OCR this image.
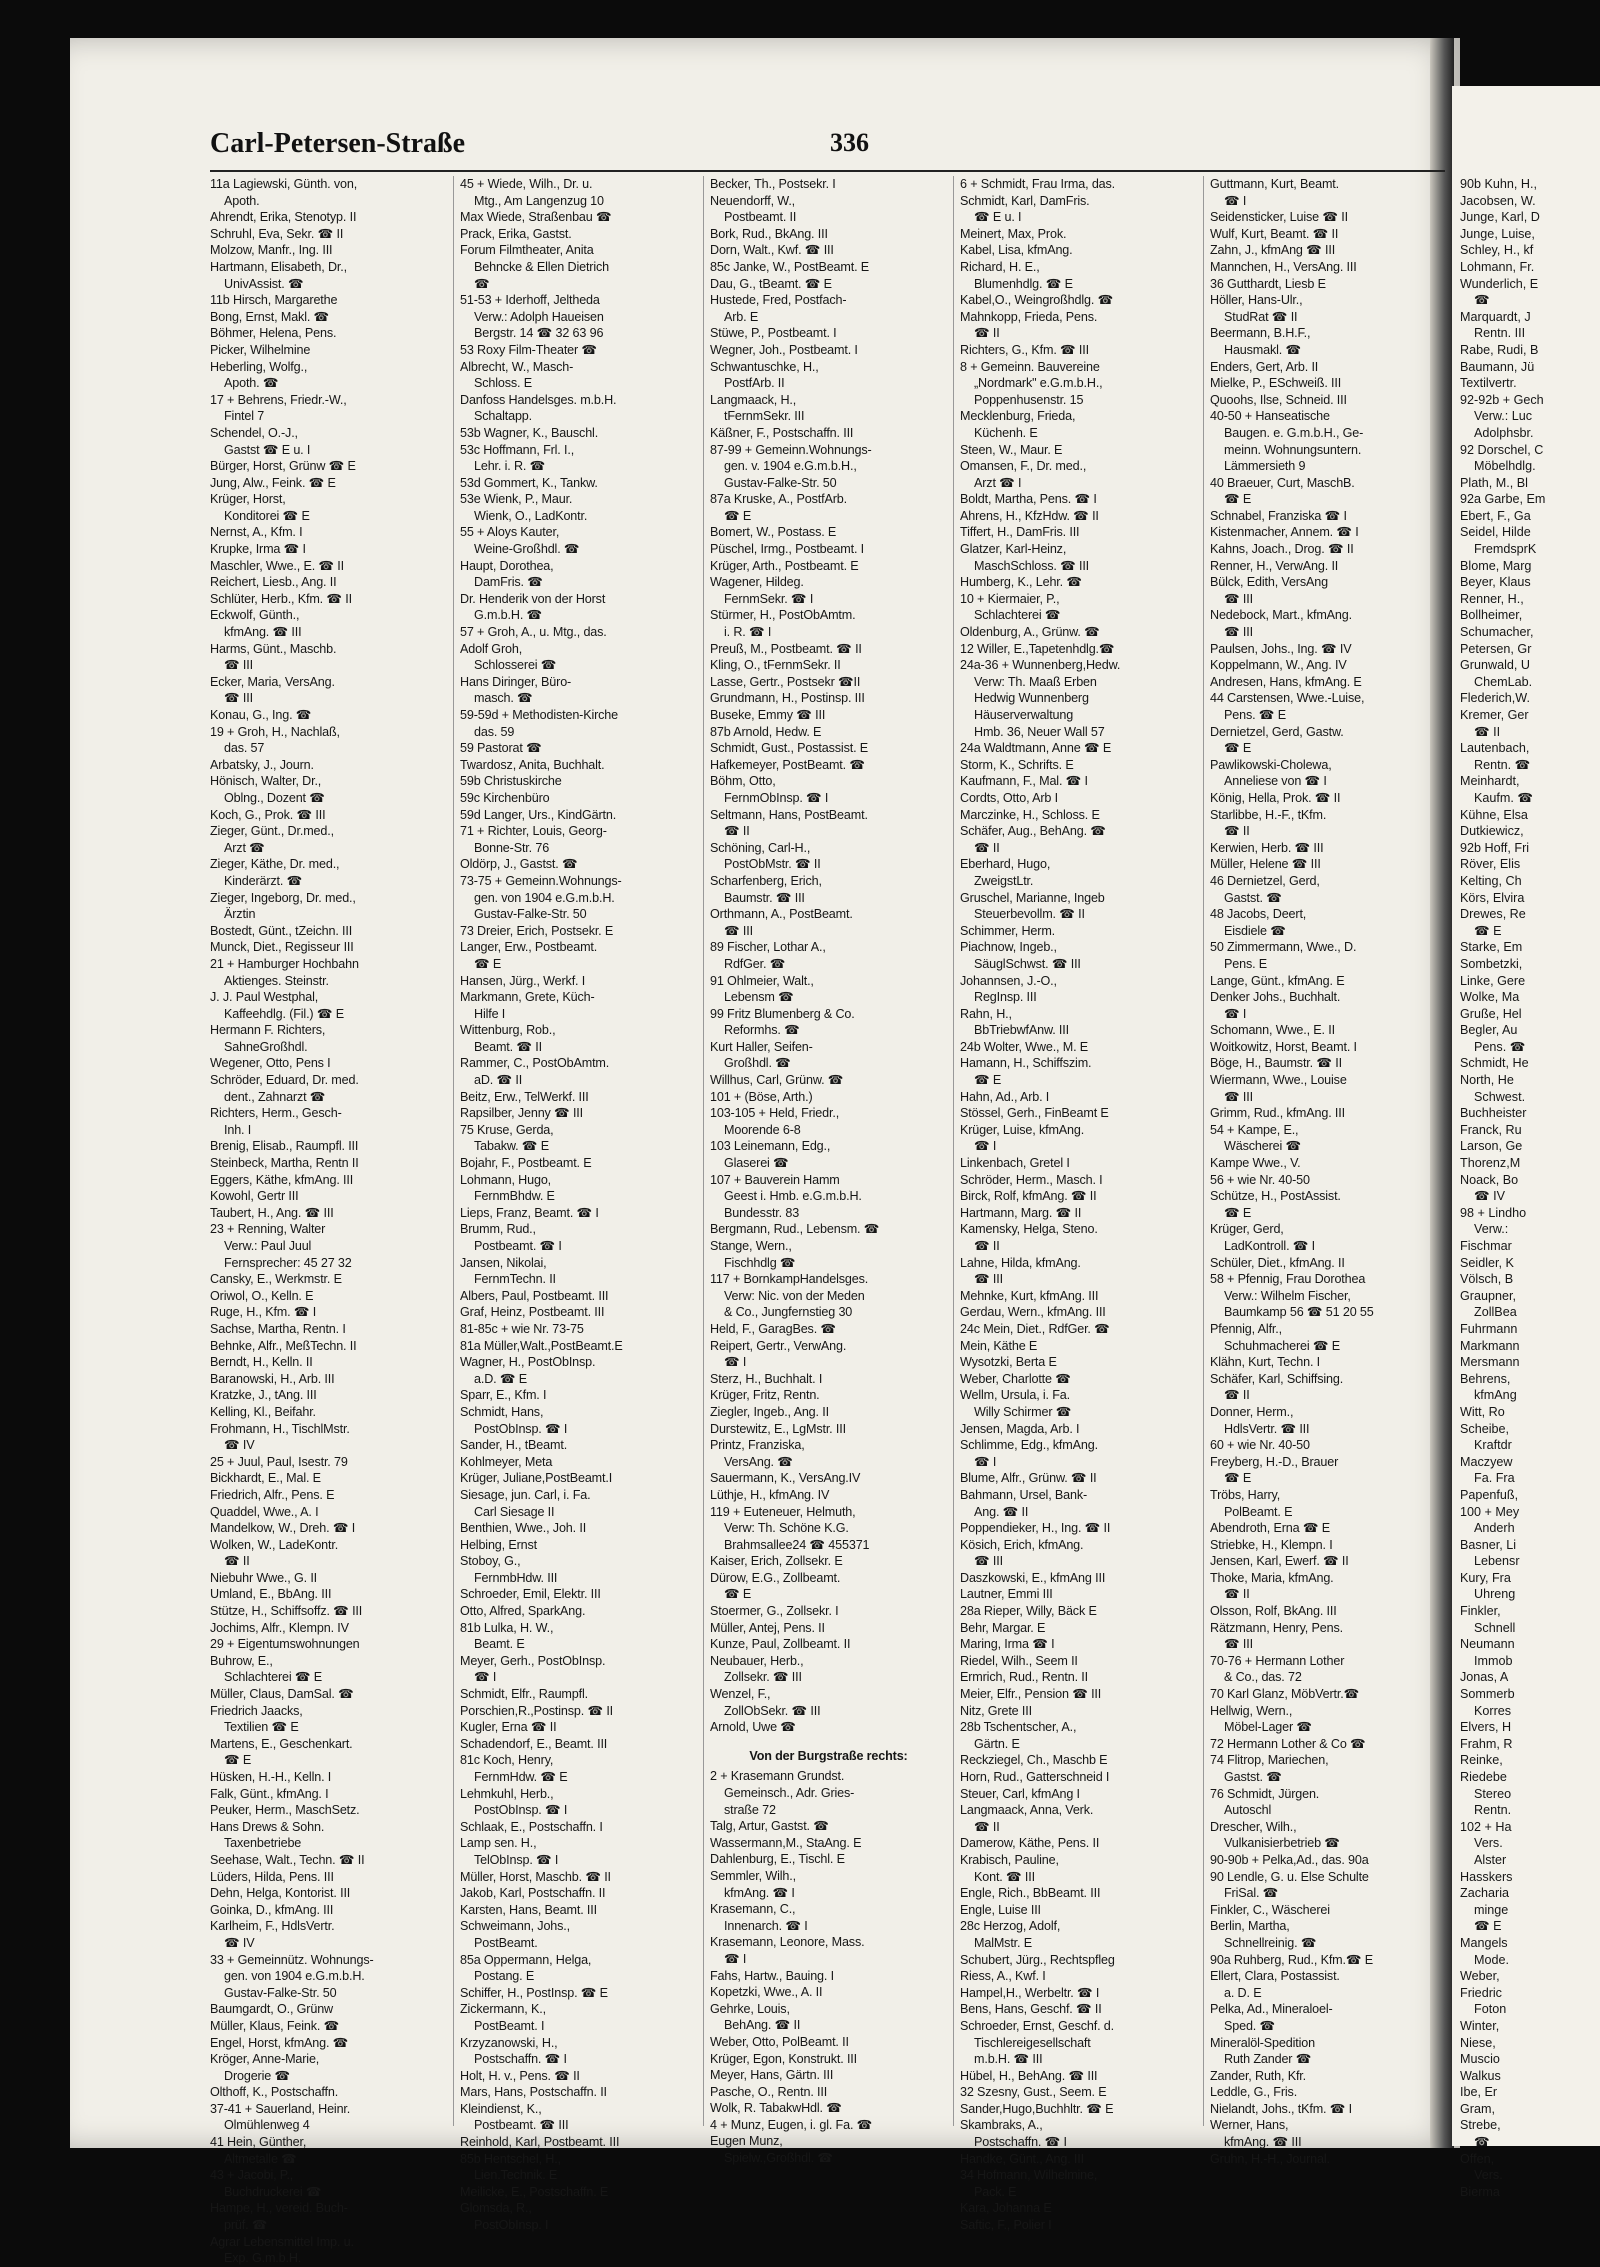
90b Kuhn, H.,
Jacobsen, W.
Junge, Karl, D
Junge, Luise,
Schley, H., kf
Lohmann, Fr.
Wunderlich, E
☎
Marquardt, J
Rentn. III
Rabe, Rudi, B
Baumann, Jü
Textilvertr.
92-92b + Gech
Verw.: Luc
Adolphsbr.
92 Dorschel, C
Möbelhdlg.
Plath, M., Bl
92a Garbe, Em
Ebert, F., Ga
Seidel, Hilde
FremdsprK
Blome, Marg
Beyer, Klaus
Renner, H.,
Bollheimer,
Schumacher,
Petersen, Gr
Grunwald, U
ChemLab.
Flederich,W.
Kremer, Ger
☎ II
Lautenbach,
Rentn. ☎
Meinhardt,
Kaufm. ☎
Kühne, Elsa
Dutkiewicz,
92b Hoff, Fri
Röver, Elis
Kelting, Ch
Körs, Elvira
Drewes, Re
☎ E
Starke, Em
Sombetzki,
Linke, Gere
Wolke, Ma
Gruße, Hel
Begler, Au
Pens. ☎
Schmidt, He
North, He
Schwest.
Buchheister
Franck, Ru
Larson, Ge
Thorenz,M
Noack, Bo
☎ IV
98 + Lindho
Verw.:
Fischmar
Seidler, K
Völsch, B
Graupner,
ZollBea
Fuhrmann
Markmann
Mersmann
Behrens,
kfmAng
Witt, Ro
Scheibe,
Kraftdr
Maczyew
Fa. Fra
Papenfuß,
100 + Mey
Anderh
Basner, Li
Lebensr
Kury, Fra
Uhreng
Finkler,
Schnell
Neumann
Immob
Jonas, A
Sommerb
Korres
Elvers, H
Frahm, R
Reinke,
Riedebe
Stereo
Rentn.
102 + Ha
Vers.
Alster
Hasskers
Zacharia
minge
☎ E
Mangels
Mode.
Weber,
Friedric
Foton
Winter,
Niese,
Muscio
Walkus
Ibe, Er
Gram,
Strebe,
☎
Offen,
Vers.
Bierma
Carl-Petersen-Straße	336
11a Lagiewski, Günth. von,
Apoth.
Ahrendt, Erika, Stenotyp. II
Schruhl, Eva, Sekr. ☎ II
Molzow, Manfr., Ing. III
Hartmann, Elisabeth, Dr.,
UnivAssist. ☎
11b Hirsch, Margarethe
Bong, Ernst, Makl. ☎
Böhmer, Helena, Pens.
Picker, Wilhelmine
Heberling, Wolfg.,
Apoth. ☎
17 + Behrens, Friedr.-W.,
Fintel 7
Schendel, O.-J.,
Gastst ☎ E u. I
Bürger, Horst, Grünw ☎ E
Jung, Alw., Feink. ☎ E
Krüger, Horst,
Konditorei ☎ E
Nernst, A., Kfm. I
Krupke, Irma ☎ I
Maschler, Wwe., E. ☎ II
Reichert, Liesb., Ang. II
Schlüter, Herb., Kfm. ☎ II
Eckwolf, Günth.,
kfmAng. ☎ III
Harms, Günt., Maschb.
☎ III
Ecker, Maria, VersAng.
☎ III
Konau, G., Ing. ☎
19 + Groh, H., Nachlaß,
das. 57
Arbatsky, J., Journ.
Hönisch, Walter, Dr.,
Oblng., Dozent ☎
Koch, G., Prok. ☎ III
Zieger, Günt., Dr.med.,
Arzt ☎
Zieger, Käthe, Dr. med.,
Kinderärzt. ☎
Zieger, Ingeborg, Dr. med.,
Ärztin
Bostedt, Günt., tZeichn. III
Munck, Diet., Regisseur III
21 + Hamburger Hochbahn
Aktienges. Steinstr.
J. J. Paul Westphal,
Kaffeehdlg. (Fil.) ☎ E
Hermann F. Richters,
SahneGroßhdl.
Wegener, Otto, Pens I
Schröder, Eduard, Dr. med.
dent., Zahnarzt ☎
Richters, Herm., Gesch-
Inh. I
Brenig, Elisab., Raumpfl. III
Steinbeck, Martha, Rentn II
Eggers, Käthe, kfmAng. III
Kowohl, Gertr III
Taubert, H., Ang. ☎ III
23 + Renning, Walter
Verw.: Paul Juul
Fernsprecher: 45 27 32
Cansky, E., Werkmstr. E
Oriwol, O., Kelln. E
Ruge, H., Kfm. ☎ I
Sachse, Martha, Rentn. I
Behnke, Alfr., MeßTechn. II
Berndt, H., Kelln. II
Baranowski, H., Arb. III
Kratzke, J., tAng. III
Kelling, Kl., Beifahr.
Frohmann, H., TischlMstr.
☎ IV
25 + Juul, Paul, Isestr. 79
Bickhardt, E., Mal. E
Friedrich, Alfr., Pens. E
Quaddel, Wwe., A. I
Mandelkow, W., Dreh. ☎ I
Wolken, W., LadeKontr.
☎ II
Niebuhr Wwe., G. II
Umland, E., BbAng. III
Stütze, H., Schiffsoffz. ☎ III
Jochims, Alfr., Klempn. IV
29 + Eigentumswohnungen
Buhrow, E.,
Schlachterei ☎ E
Müller, Claus, DamSal. ☎
Friedrich Jaacks,
Textilien ☎ E
Martens, E., Geschenkart.
☎ E
Hüsken, H.-H., Kelln. I
Falk, Günt., kfmAng. I
Peuker, Herm., MaschSetz.
Hans Drews & Sohn.
Taxenbetriebe
Seehase, Walt., Techn. ☎ II
Lüders, Hilda, Pens. III
Dehn, Helga, Kontorist. III
Goinka, D., kfmAng. III
Karlheim, F., HdlsVertr.
☎ IV
33 + Gemeinnütz. Wohnungs-
gen. von 1904 e.G.m.b.H.
Gustav-Falke-Str. 50
Baumgardt, O., Grünw
Müller, Klaus, Feink. ☎
Engel, Horst, kfmAng. ☎
Kröger, Anne-Marie,
Drogerie ☎
Olthoff, K., Postschaffn.
37-41 + Sauerland, Heinr.
Olmühlenweg 4
41 Hein, Günther,
Altmetalle ☎
43 + Jacobi, P.,
Buchdruckerei ☎
Hampe, H., vereid. Buch-
prüf. ☎
Agrar Lebensmittel Imp. u.
Exp. G.m.b.H.
45 + Wiede, Wilh., Dr. u.
Mtg., Am Langenzug 10
Max Wiede, Straßenbau ☎
Prack, Erika, Gastst.
Forum Filmtheater, Anita
Behncke & Ellen Dietrich
☎
51-53 + Iderhoff, Jeltheda
Verw.: Adolph Haueisen
Bergstr. 14 ☎ 32 63 96
53 Roxy Film-Theater ☎
Albrecht, W., Masch-
Schloss. E
Danfoss Handelsges. m.b.H.
Schaltapp.
53b Wagner, K., Bauschl.
53c Hoffmann, Frl. I.,
Lehr. i. R. ☎
53d Gommert, K., Tankw.
53e Wienk, P., Maur.
Wienk, O., LadKontr.
55 + Aloys Kauter,
Weine-Großhdl. ☎
Haupt, Dorothea,
DamFris. ☎
Dr. Henderik von der Horst
G.m.b.H. ☎
57 + Groh, A., u. Mtg., das.
Adolf Groh,
Schlosserei ☎
Hans Diringer, Büro-
masch. ☎
59-59d + Methodisten-Kirche
das. 59
59 Pastorat ☎
Twardosz, Anita, Buchhalt.
59b Christuskirche
59c Kirchenbüro
59d Langer, Urs., KindGärtn.
71 + Richter, Louis, Georg-
Bonne-Str. 76
Oldörp, J., Gastst. ☎
73-75 + Gemeinn.Wohnungs-
gen. von 1904 e.G.m.b.H.
Gustav-Falke-Str. 50
73 Dreier, Erich, Postsekr. E
Langer, Erw., Postbeamt.
☎ E
Hansen, Jürg., Werkf. I
Markmann, Grete, Küch-
Hilfe I
Wittenburg, Rob.,
Beamt. ☎ II
Rammer, C., PostObAmtm.
aD. ☎ II
Beitz, Erw., TelWerkf. III
Rapsilber, Jenny ☎ III
75 Kruse, Gerda,
Tabakw. ☎ E
Bojahr, F., Postbeamt. E
Lohmann, Hugo,
FernmBhdw. E
Lieps, Franz, Beamt. ☎ I
Brumm, Rud.,
Postbeamt. ☎ I
Jansen, Nikolai,
FernmTechn. II
Albers, Paul, Postbeamt. III
Graf, Heinz, Postbeamt. III
81-85c + wie Nr. 73-75
81a Müller,Walt.,PostBeamt.E
Wagner, H., PostObInsp.
a.D. ☎ E
Sparr, E., Kfm. I
Schmidt, Hans,
PostObInsp. ☎ I
Sander, H., tBeamt.
Kohlmeyer, Meta
Krüger, Juliane,PostBeamt.I
Siesage, jun. Carl, i. Fa.
Carl Siesage II
Benthien, Wwe., Joh. II
Helbing, Ernst
Stoboy, G.,
FernmbHdw. III
Schroeder, Emil, Elektr. III
Otto, Alfred, SparkAng.
81b Lulka, H. W.,
Beamt. E
Meyer, Gerh., PostObInsp.
☎ I
Schmidt, Elfr., Raumpfl.
Porschien,R.,Postinsp. ☎ II
Kugler, Erna ☎ II
Schadendorf, E., Beamt. III
81c Koch, Henry,
FernmHdw. ☎ E
Lehmkuhl, Herb.,
PostObInsp. ☎ I
Schlaak, E., Postschaffn. I
Lamp sen. H.,
TelObInsp. ☎ I
Müller, Horst, Maschb. ☎ II
Jakob, Karl, Postschaffn. II
Karsten, Hans, Beamt. III
Schweimann, Johs.,
PostBeamt.
85a Oppermann, Helga,
Postang. E
Schiffer, H., PostInsp. ☎ E
Zickermann, K.,
PostBeamt. I
Krzyzanowski, H.,
Postschaffn. ☎ I
Holt, H. v., Pens. ☎ II
Mars, Hans, Postschaffn. II
Kleindienst, K.,
Postbeamt. ☎ III
Reinhold, Karl, Postbeamt. III
85b Hentschel, H.,
Lien.Technik. E
Meilicke, E., Postschaffn. E
Glomsda, R.,
PostObInsp. I
Becker, Th., Postsekr. I
Neuendorff, W.,
Postbeamt. II
Bork, Rud., BkAng. III
Dorn, Walt., Kwf. ☎ III
85c Janke, W., PostBeamt. E
Dau, G., tBeamt. ☎ E
Hustede, Fred, Postfach-
Arb. E
Stüwe, P., Postbeamt. I
Wegner, Joh., Postbeamt. I
Schwantuschke, H.,
PostfArb. II
Langmaack, H.,
tFernmSekr. III
Käßner, F., Postschaffn. III
87-99 + Gemeinn.Wohnungs-
gen. v. 1904 e.G.m.b.H.,
Gustav-Falke-Str. 50
87a Kruske, A., PostfArb.
☎ E
Bomert, W., Postass. E
Püschel, Irmg., Postbeamt. I
Krüger, Arth., Postbeamt. E
Wagener, Hildeg.
FernmSekr. ☎ I
Stürmer, H., PostObAmtm.
i. R. ☎ I
Preuß, M., Postbeamt. ☎ II
Kling, O., tFernmSekr. II
Lasse, Gertr., Postsekr ☎II
Grundmann, H., Postinsp. III
Buseke, Emmy ☎ III
87b Arnold, Hedw. E
Schmidt, Gust., Postassist. E
Hafkemeyer, PostBeamt. ☎
Böhm, Otto,
FernmObInsp. ☎ I
Seltmann, Hans, PostBeamt.
☎ II
Schöning, Carl-H.,
PostObMstr. ☎ II
Scharfenberg, Erich,
Baumstr. ☎ III
Orthmann, A., PostBeamt.
☎ III
89 Fischer, Lothar A.,
RdfGer. ☎
91 Ohlmeier, Walt.,
Lebensm ☎
99 Fritz Blumenberg & Co.
Reformhs. ☎
Kurt Haller, Seifen-
Großhdl. ☎
Willhus, Carl, Grünw. ☎
101 + (Böse, Arth.)
103-105 + Held, Friedr.,
Moorende 6-8
103 Leinemann, Edg.,
Glaserei ☎
107 + Bauverein Hamm
Geest i. Hmb. e.G.m.b.H.
Bundesstr. 83
Bergmann, Rud., Lebensm. ☎
Stange, Wern.,
Fischhdlg ☎
117 + BornkampHandelsges.
Verw: Nic. von der Meden
& Co., Jungfernstieg 30
Held, F., GaragBes. ☎
Reipert, Gertr., VerwAng.
☎ I
Sterz, H., Buchhalt. I
Krüger, Fritz, Rentn.
Ziegler, Ingeb., Ang. II
Durstewitz, E., LgMstr. III
Printz, Franziska,
VersAng. ☎
Sauermann, K., VersAng.IV
Lüthje, H., kfmAng. IV
119 + Euteneuer, Helmuth,
Verw: Th. Schöne K.G.
Brahmsallee24 ☎ 455371
Kaiser, Erich, Zollsekr. E
Dürow, E.G., Zollbeamt.
☎ E
Stoermer, G., Zollsekr. I
Müller, Antej, Pens. II
Kunze, Paul, Zollbeamt. II
Neubauer, Herb.,
Zollsekr. ☎ III
Wenzel, F.,
ZollObSekr. ☎ III
Arnold, Uwe ☎
Von der Burgstraße rechts:
2 + Krasemann Grundst.
Gemeinsch., Adr. Gries-
straße 72
Talg, Artur, Gastst. ☎
Wassermann,M., StaAng. E
Dahlenburg, E., Tischl. E
Semmler, Wilh.,
kfmAng. ☎ I
Krasemann, C.,
Innenarch. ☎ I
Krasemann, Leonore, Mass.
☎ I
Fahs, Hartw., Bauing. I
Kopetzki, Wwe., A. II
Gehrke, Louis,
BehAng. ☎ II
Weber, Otto, PolBeamt. II
Krüger, Egon, Konstrukt. III
Meyer, Hans, Gärtn. III
Pasche, O., Rentn. III
Wolk, R. TabakwHdl. ☎
4 + Munz, Eugen, i. gl. Fa. ☎
Eugen Munz,
Spielw.,Großhdl. ☎
6 + Schmidt, Frau Irma, das.
Schmidt, Karl, DamFris.
☎ E u. I
Meinert, Max, Prok.
Kabel, Lisa, kfmAng.
Richard, H. E.,
Blumenhdlg. ☎ E
Kabel,O., Weingroßhdlg. ☎
Mahnkopp, Frieda, Pens.
☎ II
Richters, G., Kfm. ☎ III
8 + Gemeinn. Bauvereine
„Nordmark" e.G.m.b.H.,
Poppenhusenstr. 15
Mecklenburg, Frieda,
Küchenh. E
Steen, W., Maur. E
Omansen, F., Dr. med.,
Arzt ☎ I
Boldt, Martha, Pens. ☎ I
Ahrens, H., KfzHdw. ☎ II
Tiffert, H., DamFris. III
Glatzer, Karl-Heinz,
MaschSchloss. ☎ III
Humberg, K., Lehr. ☎
10 + Kiermaier, P.,
Schlachterei ☎
Oldenburg, A., Grünw. ☎
12 Willer, E.,Tapetenhdlg.☎
24a-36 + Wunnenberg,Hedw.
Verw: Th. Maaß Erben
Hedwig Wunnenberg
Häuserverwaltung
Hmb. 36, Neuer Wall 57
24a Waldtmann, Anne ☎ E
Storm, K., Schrifts. E
Kaufmann, F., Mal. ☎ I
Cordts, Otto, Arb I
Marczinke, H., Schloss. E
Schäfer, Aug., BehAng. ☎
☎ II
Eberhard, Hugo,
ZweigstLtr.
Gruschel, Marianne, Ingeb
Steuerbevollm. ☎ II
Schimmer, Herm.
Piachnow, Ingeb.,
SäuglSchwst. ☎ III
Johannsen, J.-O.,
RegInsp. III
Rahn, H.,
BbTriebwfAnw. III
24b Wolter, Wwe., M. E
Hamann, H., Schiffszim.
☎ E
Hahn, Ad., Arb. I
Stössel, Gerh., FinBeamt E
Krüger, Luise, kfmAng.
☎ I
Linkenbach, Gretel I
Schröder, Herm., Masch. I
Birck, Rolf, kfmAng. ☎ II
Hartmann, Marg. ☎ II
Kamensky, Helga, Steno.
☎ II
Lahne, Hilda, kfmAng.
☎ III
Mehnke, Kurt, kfmAng. III
Gerdau, Wern., kfmAng. III
24c Mein, Diet., RdfGer. ☎
Mein, Käthe E
Wysotzki, Berta E
Weber, Charlotte ☎
Wellm, Ursula, i. Fa.
Willy Schirmer ☎
Jensen, Magda, Arb. I
Schlimme, Edg., kfmAng.
☎ I
Blume, Alfr., Grünw. ☎ II
Bahmann, Ursel, Bank-
Ang. ☎ II
Poppendieker, H., Ing. ☎ II
Kösich, Erich, kfmAng.
☎ III
Daszkowski, E., kfmAng III
Lautner, Emmi III
28a Rieper, Willy, Bäck E
Behr, Margar. E
Maring, Irma ☎ I
Riedel, Wilh., Seem II
Ermrich, Rud., Rentn. II
Meier, Elfr., Pension ☎ III
Nitz, Grete III
28b Tschentscher, A.,
Gärtn. E
Reckziegel, Ch., Maschb E
Horn, Rud., Gatterschneid I
Steuer, Carl, kfmAng I
Langmaack, Anna, Verk.
☎ II
Damerow, Käthe, Pens. II
Krabisch, Pauline,
Kont. ☎ III
Engle, Rich., BbBeamt. III
Engle, Luise III
28c Herzog, Adolf,
MalMstr. E
Schubert, Jürg., Rechtspfleg
Riess, A., Kwf. I
Hampel,H., Werbeltr. ☎ I
Bens, Hans, Geschf. ☎ II
Schroeder, Ernst, Geschf. d.
Tischlereigesellschaft
m.b.H. ☎ III
Hübel, H., BehAng. ☎ III
32 Szesny, Gust., Seem. E
Sander,Hugo,Buchhltr. ☎ E
Skambraks, A.,
Postschaffn. ☎ I
Handke, Günt., Ang. III
34 Hofmann, Wilhelmine,
Pack. E
Kara, Johanna E
Saftic, F., Polier I
Guttmann, Kurt, Beamt.
☎ I
Seidensticker, Luise ☎ II
Wulf, Kurt, Beamt. ☎ II
Zahn, J., kfmAng ☎ III
Mannchen, H., VersAng. III
36 Gutthardt, Liesb E
Höller, Hans-Ulr.,
StudRat ☎ II
Beermann, B.H.F.,
Hausmakl. ☎
Enders, Gert, Arb. II
Mielke, P., ESchweiß. III
Quoohs, Ilse, Schneid. III
40-50 + Hanseatische
Baugen. e. G.m.b.H., Ge-
meinn. Wohnungsuntern.
Lämmersieth 9
40 Braeuer, Curt, MaschB.
☎ E
Schnabel, Franziska ☎ I
Kistenmacher, Annem. ☎ I
Kahns, Joach., Drog. ☎ II
Renner, H., VerwAng. II
Bülck, Edith, VersAng
☎ III
Nedebock, Mart., kfmAng.
☎ III
Paulsen, Johs., Ing. ☎ IV
Koppelmann, W., Ang. IV
Andresen, Hans, kfmAng. E
44 Carstensen, Wwe.-Luise,
Pens. ☎ E
Dernietzel, Gerd, Gastw.
☎ E
Pawlikowski-Cholewa,
Anneliese von ☎ I
König, Hella, Prok. ☎ II
Starlibbe, H.-F., tKfm.
☎ II
Kerwien, Herb. ☎ III
Müller, Helene ☎ III
46 Dernietzel, Gerd,
Gastst. ☎
48 Jacobs, Deert,
Eisdiele ☎
50 Zimmermann, Wwe., D.
Pens. E
Lange, Günt., kfmAng. E
Denker Johs., Buchhalt.
☎ I
Schomann, Wwe., E. II
Woitkowitz, Horst, Beamt. I
Böge, H., Baumstr. ☎ II
Wiermann, Wwe., Louise
☎ III
Grimm, Rud., kfmAng. III
54 + Kampe, E.,
Wäscherei ☎
Kampe Wwe., V.
56 + wie Nr. 40-50
Schütze, H., PostAssist.
☎ E
Krüger, Gerd,
LadKontroll. ☎ I
Schüler, Diet., kfmAng. II
58 + Pfennig, Frau Dorothea
Verw.: Wilhelm Fischer,
Baumkamp 56 ☎ 51 20 55
Pfennig, Alfr.,
Schuhmacherei ☎ E
Klähn, Kurt, Techn. I
Schäfer, Karl, Schiffsing.
☎ II
Donner, Herm.,
HdlsVertr. ☎ III
60 + wie Nr. 40-50
Freyberg, H.-D., Brauer
☎ E
Tröbs, Harry,
PolBeamt. E
Abendroth, Erna ☎ E
Striebke, H., Klempn. I
Jensen, Karl, Ewerf. ☎ II
Thoke, Maria, kfmAng.
☎ II
Olsson, Rolf, BkAng. III
Rätzmann, Henry, Pens.
☎ III
70-76 + Hermann Lother
& Co., das. 72
70 Karl Glanz, MöbVertr.☎
Hellwig, Wern.,
Möbel-Lager ☎
72 Hermann Lother & Co ☎
74 Flitrop, Mariechen,
Gastst. ☎
76 Schmidt, Jürgen.
Autoschl
Drescher, Wilh.,
Vulkanisierbetrieb ☎
90-90b + Pelka,Ad., das. 90a
90 Lendle, G. u. Else Schulte
FriSal. ☎
Finkler, C., Wäscherei
Berlin, Martha,
Schnellreinig. ☎
90a Ruhberg, Rud., Kfm.☎ E
Ellert, Clara, Postassist.
a. D. E
Pelka, Ad., Mineraloel-
Sped. ☎
Mineralöl-Spedition
Ruth Zander ☎
Zander, Ruth, Kfr.
Leddle, G., Fris.
Nielandt, Johs., tKfm. ☎ I
Werner, Hans,
kfmAng. ☎ III
Gruhn, H.-H., Journal.
